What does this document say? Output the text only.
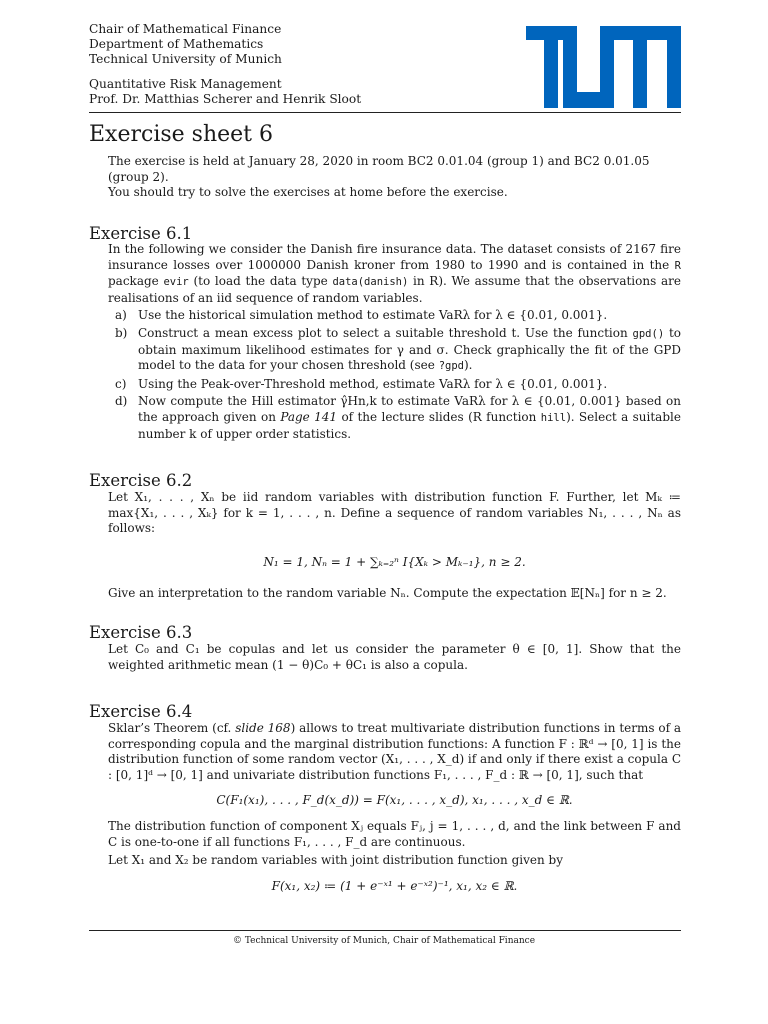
Chair of Mathematical Finance
Department of Mathematics
Technical University of Munich
Quantitative Risk Management
Prof. Dr. Matthias Scherer and Henrik Sloot
Exercise sheet 6

The exercise is held at January 28, 2020 in room BC2 0.01.04 (group 1) and BC2 0.01.05 (group 2).

You should try to solve the exercises at home before the exercise.

Exercise 6.1

In the following we consider the Danish fire insurance data. The dataset consists of 2167 fire insurance losses over 1000000 Danish kroner from 1980 to 1990 and is contained in the R package evir (to load the data type data(danish) in R). We assume that the observations are realisations of an iid sequence of random variables.

a) Use the historical simulation method to estimate VaRλ for λ ∈ {0.01, 0.001}.
b) Construct a mean excess plot to select a suitable threshold t. Use the function gpd() to obtain maximum likelihood estimates for γ and σ. Check graphically the fit of the GPD model to the data for your chosen threshold (see ?gpd).
c) Using the Peak-over-Threshold method, estimate VaRλ for λ ∈ {0.01, 0.001}.
d) Now compute the Hill estimator γ̂Hn,k to estimate VaRλ for λ ∈ {0.01, 0.001} based on the approach given on Page 141 of the lecture slides (R function hill). Select a suitable number k of upper order statistics.
Exercise 6.2

Let X₁, . . . , Xₙ be iid random variables with distribution function F. Further, let Mₖ ≔ max{X₁, . . . , Xₖ} for k = 1, . . . , n. Define a sequence of random variables N₁, . . . , Nₙ as follows:

N₁ = 1, Nₙ = 1 + ∑ₖ₌₂ⁿ I{Xₖ > Mₖ₋₁}, n ≥ 2.

Give an interpretation to the random variable Nₙ. Compute the expectation 𝔼[Nₙ] for n ≥ 2.

Exercise 6.3

Let C₀ and C₁ be copulas and let us consider the parameter θ ∈ [0, 1]. Show that the weighted arithmetic mean (1 − θ)C₀ + θC₁ is also a copula.

Exercise 6.4

Sklar’s Theorem (cf. slide 168) allows to treat multivariate distribution functions in terms of a corresponding copula and the marginal distribution functions: A function F : ℝᵈ → [0, 1] is the distribution function of some random vector (X₁, . . . , X_d) if and only if there exist a copula C : [0, 1]ᵈ → [0, 1] and univariate distribution functions F₁, . . . , F_d : ℝ → [0, 1], such that

C(F₁(x₁), . . . , F_d(x_d)) = F(x₁, . . . , x_d), x₁, . . . , x_d ∈ ℝ.

The distribution function of component Xⱼ equals Fⱼ, j = 1, . . . , d, and the link between F and C is one-to-one if all functions F₁, . . . , F_d are continuous.

Let X₁ and X₂ be random variables with joint distribution function given by

F(x₁, x₂) ≔ (1 + e⁻ˣ¹ + e⁻ˣ²)⁻¹, x₁, x₂ ∈ ℝ.

© Technical University of Munich, Chair of Mathematical Finance
